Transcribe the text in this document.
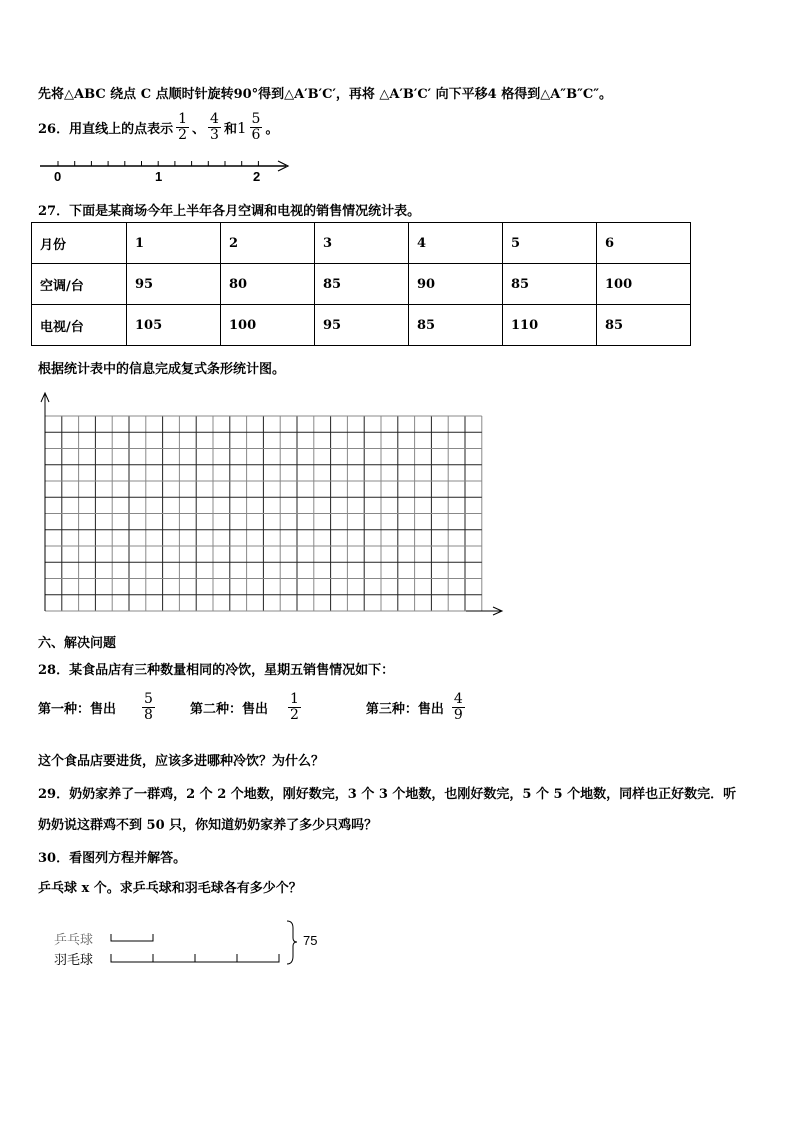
先将△ABC 绕点 C 点顺时针旋转90°得到△A′B′C′，再将 △A′B′C′ 向下平移4 格得到△A″B″C″。
26．用直线上的点表示 $\frac{1}{2}$ 、 $\frac{4}{3}$ 和 $1 \frac{5}{6}$ 。
0	1	2
27．下面是某商场今年上半年各月空调和电视的销售情况统计表。
月份	1	2	3	4	5	6
空调/台	95	80	85	90	85	100
电视/台	105	100	95	85	110	85
根据统计表中的信息完成复式条形统计图。
六、解决问题
28．某食品店有三种数量相同的冷饮，星期五销售情况如下：
第一种：售出 $\frac{5}{8}$	第二种：售出 $\frac{1}{2}$	第三种：售出 $\frac{4}{9}$
这个食品店要进货，应该多进哪种冷饮？为什么？
29．奶奶家养了一群鸡，2 个 2 个地数，刚好数完，3 个 3 个地数，也刚好数完，5 个 5 个地数，同样也正好数完．听
奶奶说这群鸡不到 50 只，你知道奶奶家养了多少只鸡吗？
30．看图列方程并解答。
乒乓球 x 个。求乒乓球和羽毛球各有多少个？
乒乓球
羽毛球
75
